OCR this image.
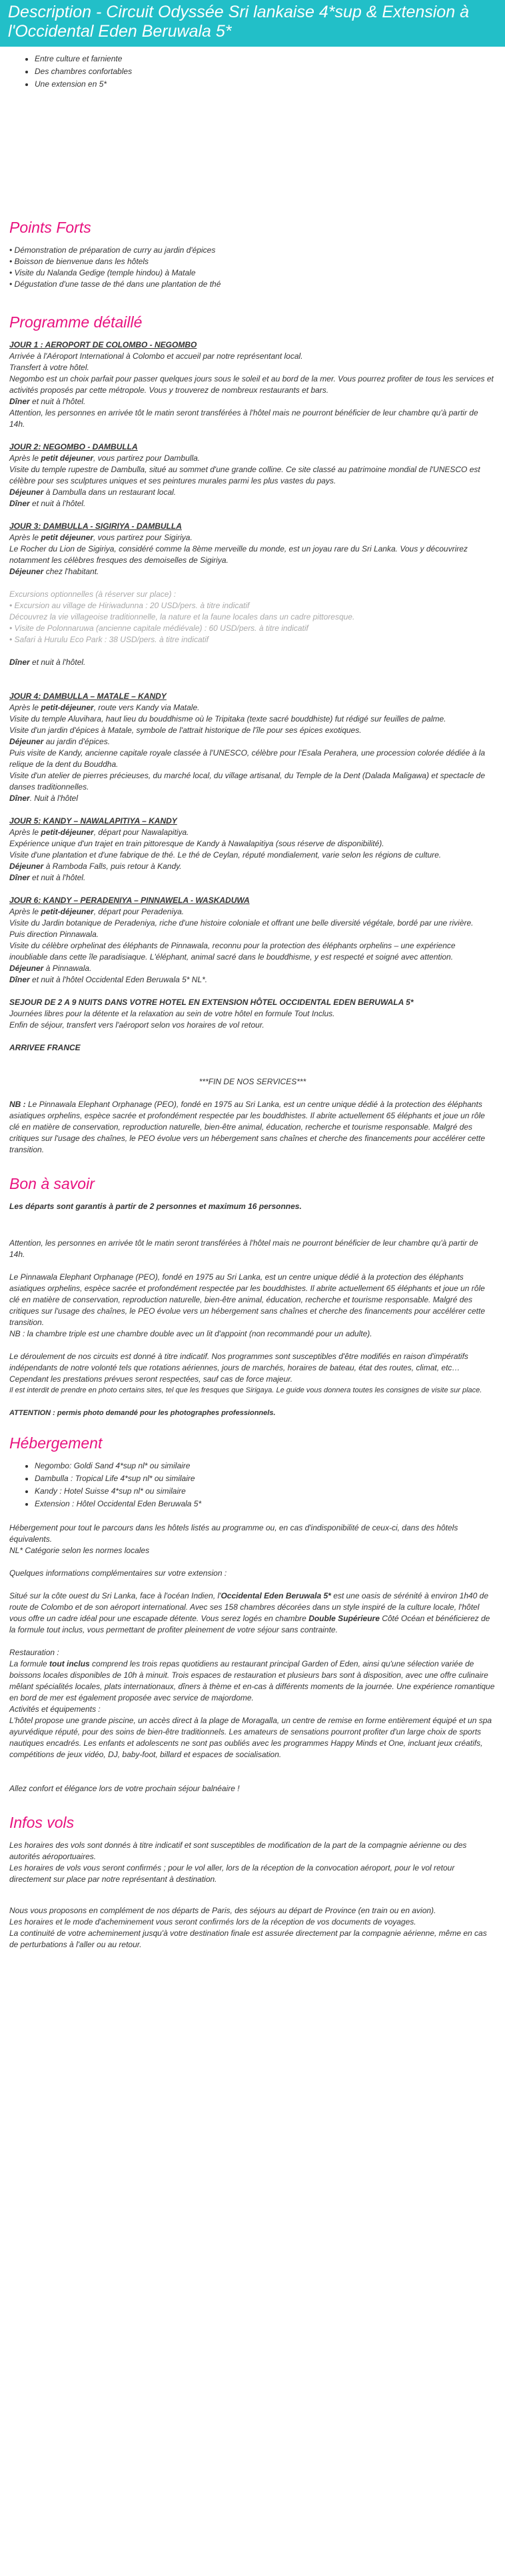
Description - Circuit Odyssée Sri lankaise 4*sup & Extension à l'Occidental Eden Beruwala 5*
• Entre culture et farniente
• Des chambres confortables
• Une extension en 5*
Points Forts
• Démonstration de préparation de curry au jardin d'épices
• Boisson de bienvenue dans les hôtels
• Visite du Nalanda Gedige (temple hindou) à Matale
• Dégustation d'une tasse de thé dans une plantation de thé
Programme détaillé

JOUR 1 : AEROPORT DE COLOMBO - NEGOMBO

Arrivée à l'Aéroport International à Colombo et accueil par notre représentant local.

Transfert à votre hôtel.

Negombo est un choix parfait pour passer quelques jours sous le soleil et au bord de la mer. Vous pourrez profiter de tous les services et activités proposés par cette métropole. Vous y trouverez de nombreux restaurants et bars.

Dîner et nuit à l'hôtel.

Attention, les personnes en arrivée tôt le matin seront transférées à l'hôtel mais ne pourront bénéficier de leur chambre qu'à partir de 14h.

JOUR 2: NEGOMBO - DAMBULLA

Après le petit déjeuner, vous partirez pour Dambulla.

Visite du temple rupestre de Dambulla, situé au sommet d'une grande colline. Ce site classé au patrimoine mondial de l'UNESCO est célèbre pour ses sculptures uniques et ses peintures murales parmi les plus vastes du pays.

Déjeuner à Dambulla dans un restaurant local.

Dîner et nuit à l'hôtel.

JOUR 3: DAMBULLA - SIGIRIYA - DAMBULLA

Après le petit déjeuner, vous partirez pour Sigiriya.

Le Rocher du Lion de Sigiriya, considéré comme la 8ème merveille du monde, est un joyau rare du Sri Lanka. Vous y découvrirez notamment les célèbres fresques des demoiselles de Sigiriya.

Déjeuner chez l'habitant.

Excursions optionnelles (à réserver sur place) :

• Excursion au village de Hiriwadunna : 20 USD/pers. à titre indicatif

Découvrez la vie villageoise traditionnelle, la nature et la faune locales dans un cadre pittoresque.

• Visite de Polonnaruwa (ancienne capitale médiévale) : 60 USD/pers. à titre indicatif

• Safari à Hurulu Eco Park : 38 USD/pers. à titre indicatif

Dîner et nuit à l'hôtel.

JOUR 4: DAMBULLA – MATALE – KANDY

Après le petit-déjeuner, route vers Kandy via Matale.

Visite du temple Aluvihara, haut lieu du bouddhisme où le Tripitaka (texte sacré bouddhiste) fut rédigé sur feuilles de palme.

Visite d'un jardin d'épices à Matale, symbole de l'attrait historique de l'île pour ses épices exotiques.

Déjeuner au jardin d'épices.

Puis visite de Kandy, ancienne capitale royale classée à l'UNESCO, célèbre pour l'Esala Perahera, une procession colorée dédiée à la relique de la dent du Bouddha.

Visite d'un atelier de pierres précieuses, du marché local, du village artisanal, du Temple de la Dent (Dalada Maligawa) et spectacle de danses traditionnelles.

Dîner. Nuit à l'hôtel

JOUR 5: KANDY – NAWALAPITIYA – KANDY

Après le petit-déjeuner, départ pour Nawalapitiya.

Expérience unique d'un trajet en train pittoresque de Kandy à Nawalapitiya (sous réserve de disponibilité).

Visite d'une plantation et d'une fabrique de thé. Le thé de Ceylan, réputé mondialement, varie selon les régions de culture.

Déjeuner à Ramboda Falls, puis retour à Kandy.

Dîner et nuit à l'hôtel.

JOUR 6: KANDY – PERADENIYA – PINNAWELA - WASKADUWA

Après le petit-déjeuner, départ pour Peradeniya.

Visite du Jardin botanique de Peradeniya, riche d'une histoire coloniale et offrant une belle diversité végétale, bordé par une rivière.

Puis direction Pinnawala.

Visite du célèbre orphelinat des éléphants de Pinnawala, reconnu pour la protection des éléphants orphelins – une expérience inoubliable dans cette île paradisiaque. L'éléphant, animal sacré dans le bouddhisme, y est respecté et soigné avec attention.

Déjeuner à Pinnawala.

Dîner et nuit à l'hôtel Occidental Eden Beruwala 5* NL*.

SEJOUR DE 2 A 9 NUITS DANS VOTRE HOTEL EN EXTENSION HÔTEL OCCIDENTAL EDEN BERUWALA 5*

Journées libres pour la détente et la relaxation au sein de votre hôtel en formule Tout Inclus.

Enfin de séjour, transfert vers l'aéroport selon vos horaires de vol retour.

ARRIVEE FRANCE

***FIN DE NOS SERVICES***

NB : Le Pinnawala Elephant Orphanage (PEO), fondé en 1975 au Sri Lanka, est un centre unique dédié à la protection des éléphants asiatiques orphelins, espèce sacrée et profondément respectée par les bouddhistes. Il abrite actuellement 65 éléphants et joue un rôle clé en matière de conservation, reproduction naturelle, bien-être animal, éducation, recherche et tourisme responsable. Malgré des critiques sur l'usage des chaînes, le PEO évolue vers un hébergement sans chaînes et cherche des financements pour accélérer cette transition.

Bon à savoir

Les départs sont garantis à partir de 2 personnes et maximum 16 personnes.

Attention, les personnes en arrivée tôt le matin seront transférées à l'hôtel mais ne pourront bénéficier de leur chambre qu'à partir de 14h.

Le Pinnawala Elephant Orphanage (PEO), fondé en 1975 au Sri Lanka, est un centre unique dédié à la protection des éléphants asiatiques orphelins, espèce sacrée et profondément respectée par les bouddhistes. Il abrite actuellement 65 éléphants et joue un rôle clé en matière de conservation, reproduction naturelle, bien-être animal, éducation, recherche et tourisme responsable. Malgré des critiques sur l'usage des chaînes, le PEO évolue vers un hébergement sans chaînes et cherche des financements pour accélérer cette transition.

NB : la chambre triple est une chambre double avec un lit d'appoint (non recommandé pour un adulte).

Le déroulement de nos circuits est donné à titre indicatif. Nos programmes sont susceptibles d'être modifiés en raison d'impératifs indépendants de notre volonté tels que rotations aériennes, jours de marchés, horaires de bateau, état des routes, climat, etc… Cependant les prestations prévues seront respectées, sauf cas de force majeur.

Il est interdit de prendre en photo certains sites, tel que les fresques que Sirigaya. Le guide vous donnera toutes les consignes de visite sur place.

ATTENTION : permis photo demandé pour les photographes professionnels.

Hébergement
• Negombo: Goldi Sand 4*sup nl* ou similaire
• Dambulla : Tropical Life 4*sup nl* ou similaire
• Kandy : Hotel Suisse 4*sup nl* ou similaire
• Extension : Hôtel Occidental Eden Beruwala 5*

Hébergement pour tout le parcours dans les hôtels listés au programme ou, en cas d'indisponibilité de ceux-ci, dans des hôtels équivalents.

NL* Catégorie selon les normes locales

Quelques informations complémentaires sur votre extension :

Situé sur la côte ouest du Sri Lanka, face à l'océan Indien, l'Occidental Eden Beruwala 5* est une oasis de sérénité à environ 1h40 de route de Colombo et de son aéroport international. Avec ses 158 chambres décorées dans un style inspiré de la culture locale, l'hôtel vous offre un cadre idéal pour une escapade détente. Vous serez logés en chambre Double Supérieure Côté Océan et bénéficierez de la formule tout inclus, vous permettant de profiter pleinement de votre séjour sans contrainte.

Restauration :

La formule tout inclus comprend les trois repas quotidiens au restaurant principal Garden of Eden, ainsi qu'une sélection variée de boissons locales disponibles de 10h à minuit. Trois espaces de restauration et plusieurs bars sont à disposition, avec une offre culinaire mêlant spécialités locales, plats internationaux, dîners à thème et en-cas à différents moments de la journée. Une expérience romantique en bord de mer est également proposée avec service de majordome.

Activités et équipements :

L'hôtel propose une grande piscine, un accès direct à la plage de Moragalla, un centre de remise en forme entièrement équipé et un spa ayurvédique réputé, pour des soins de bien-être traditionnels. Les amateurs de sensations pourront profiter d'un large choix de sports nautiques encadrés. Les enfants et adolescents ne sont pas oubliés avec les programmes Happy Minds et One, incluant jeux créatifs, compétitions de jeux vidéo, DJ, baby-foot, billard et espaces de socialisation.

Allez confort et élégance lors de votre prochain séjour balnéaire !

Infos vols

Les horaires des vols sont donnés à titre indicatif et sont susceptibles de modification de la part de la compagnie aérienne ou des autorités aéroportuaires.

Les horaires de vols vous seront confirmés ; pour le vol aller, lors de la réception de la convocation aéroport, pour le vol retour directement sur place par notre représentant à destination.

Nous vous proposons en complément de nos départs de Paris, des séjours au départ de Province (en train ou en avion).

Les horaires et le mode d'acheminement vous seront confirmés lors de la réception de vos documents de voyages.

La continuité de votre acheminement jusqu'à votre destination finale est assurée directement par la compagnie aérienne, même en cas de perturbations à l'aller ou au retour.
